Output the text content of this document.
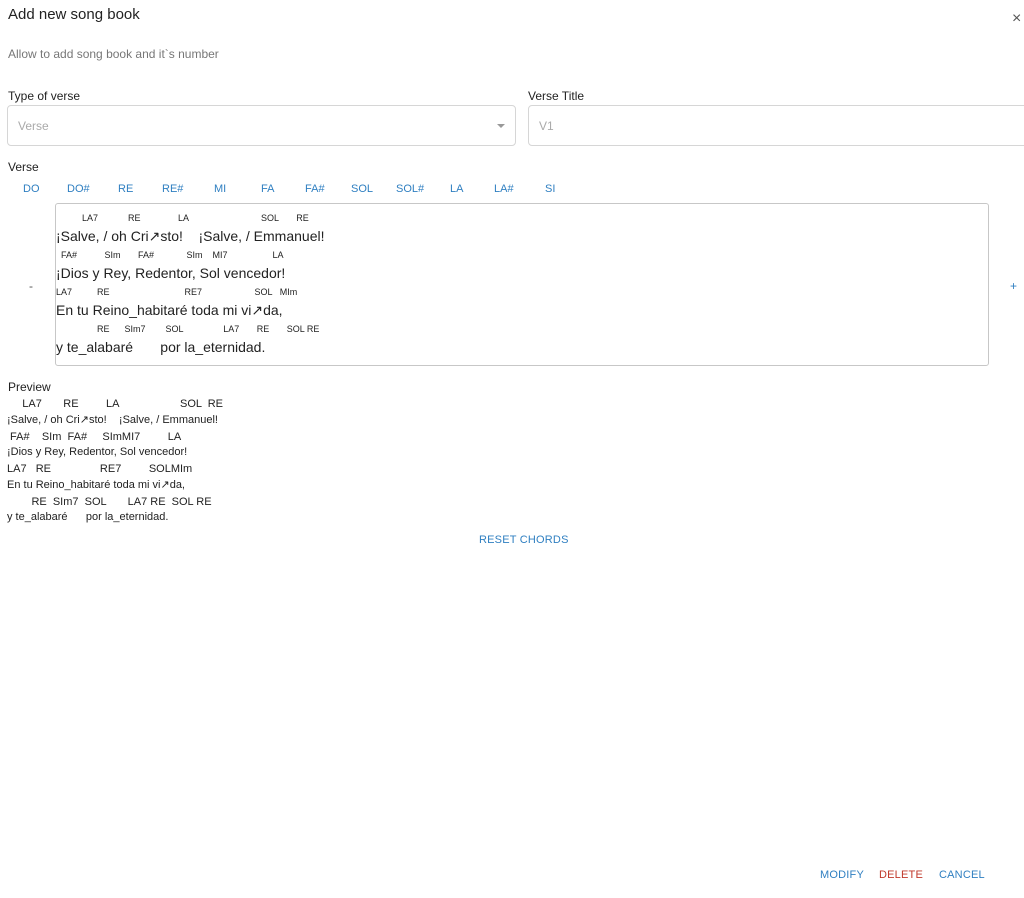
Add new song book	×
Allow to add song book and it`s number
Type of verse
Verse
Verse Title
V1
Verse
DO	DO#	RE	RE#	MI	FA	FA# SOL SOL# LA	LA#	SI
-	+
LA7            RE               LA                             SOL       RE
¡Salve, / oh Cri↗sto!    ¡Salve, / Emmanuel!
FA#           SIm       FA#             SIm    MI7                  LA
¡Dios y Rey, Redentor, Sol vencedor!
LA7          RE                              RE7                     SOL   MIm
En tu Reino_habitaré toda mi vi↗da,
RE      SIm7        SOL                LA7       RE       SOL RE
y te_alabaré       por la_eternidad.
Preview
LA7       RE         LA                    SOL  RE
¡Salve, / oh Cri↗sto!    ¡Salve, / Emmanuel!
FA#    SIm  FA#     SImMI7         LA
¡Dios y Rey, Redentor, Sol vencedor!
LA7   RE                RE7         SOLMIm
En tu Reino_habitaré toda mi vi↗da,
RE  SIm7  SOL       LA7 RE  SOL RE
y te_alabaré      por la_eternidad.
RESET CHORDS
MODIFY DELETE CANCEL
